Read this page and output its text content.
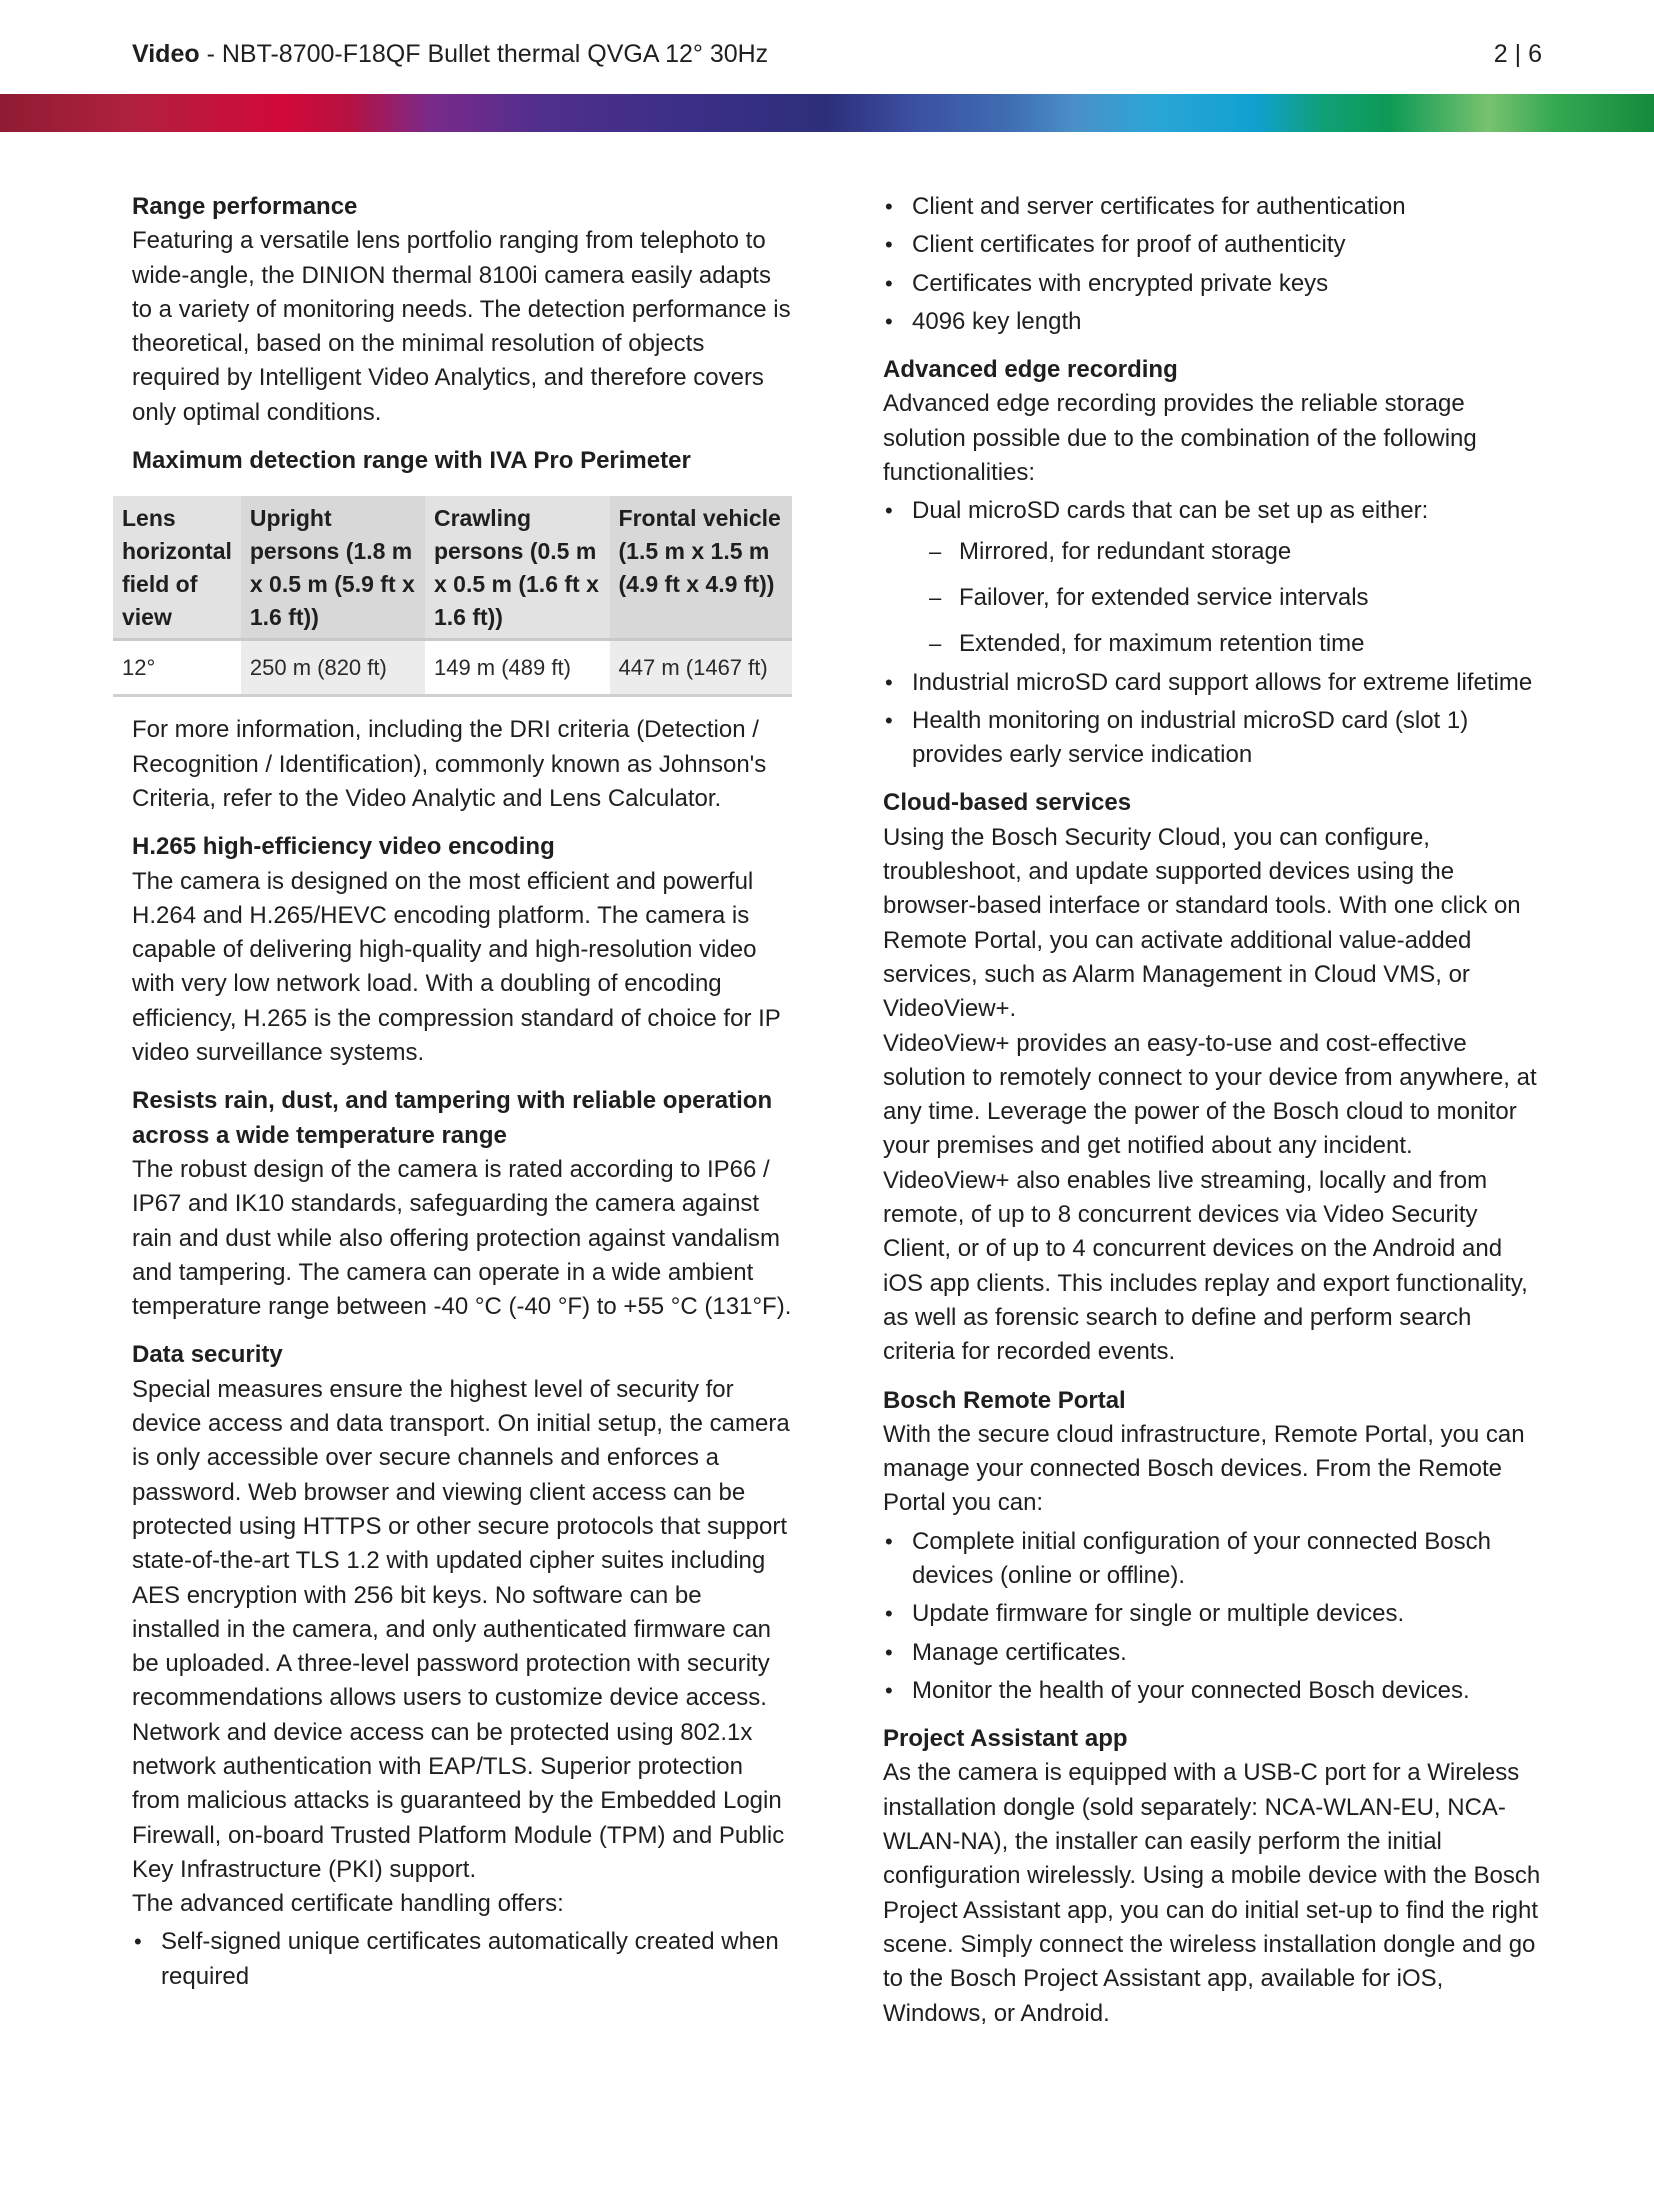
Video - NBT-8700-F18QF Bullet thermal QVGA 12° 30Hz	2 | 6
Range performance

Featuring a versatile lens portfolio ranging from telephoto to wide-angle, the DINION thermal 8100i camera easily adapts to a variety of monitoring needs. The detection performance is theoretical, based on the minimal resolution of objects required by Intelligent Video Analytics, and therefore covers only optimal conditions.

Maximum detection range with IVA Pro Perimeter
Lens horizontal field of view	Upright persons (1.8 m x 0.5 m (5.9 ft x 1.6 ft))	Crawling persons (0.5 m x 0.5 m (1.6 ft x 1.6 ft))	Frontal vehicle (1.5 m x 1.5 m (4.9 ft x 4.9 ft))
12°	250 m (820 ft)	149 m (489 ft)	447 m (1467 ft)

For more information, including the DRI criteria (Detection / Recognition / Identification), commonly known as Johnson's Criteria, refer to the Video Analytic and Lens Calculator.

H.265 high-efficiency video encoding

The camera is designed on the most efficient and powerful H.264 and H.265/HEVC encoding platform. The camera is capable of delivering high-quality and high-resolution video with very low network load. With a doubling of encoding efficiency, H.265 is the compression standard of choice for IP video surveillance systems.

Resists rain, dust, and tampering with reliable operation across a wide temperature range

The robust design of the camera is rated according to IP66 / IP67 and IK10 standards, safeguarding the camera against rain and dust while also offering protection against vandalism and tampering. The camera can operate in a wide ambient temperature range between -40 °C (-40 °F) to +55 °C (131°F).

Data security

Special measures ensure the highest level of security for device access and data transport. On initial setup, the camera is only accessible over secure channels and enforces a password. Web browser and viewing client access can be protected using HTTPS or other secure protocols that support state-of-the-art TLS 1.2 with updated cipher suites including AES encryption with 256 bit keys. No software can be installed in the camera, and only authenticated firmware can be uploaded. A three-level password protection with security recommendations allows users to customize device access.

Network and device access can be protected using 802.1x network authentication with EAP/TLS. Superior protection from malicious attacks is guaranteed by the Embedded Login Firewall, on-board Trusted Platform Module (TPM) and Public Key Infrastructure (PKI) support.

The advanced certificate handling offers:

• Self-signed unique certificates automatically created when required
• Client and server certificates for authentication
• Client certificates for proof of authenticity
• Certificates with encrypted private keys
• 4096 key length
Advanced edge recording

Advanced edge recording provides the reliable storage solution possible due to the combination of the following functionalities:

• Dual microSD cards that can be set up as either:
– Mirrored, for redundant storage
– Failover, for extended service intervals
– Extended, for maximum retention time
• Industrial microSD card support allows for extreme lifetime
• Health monitoring on industrial microSD card (slot 1) provides early service indication
Cloud-based services

Using the Bosch Security Cloud, you can configure, troubleshoot, and update supported devices using the browser-based interface or standard tools. With one click on Remote Portal, you can activate additional value-added services, such as Alarm Management in Cloud VMS, or VideoView+.

VideoView+ provides an easy-to-use and cost-effective solution to remotely connect to your device from anywhere, at any time. Leverage the power of the Bosch cloud to monitor your premises and get notified about any incident. VideoView+ also enables live streaming, locally and from remote, of up to 8 concurrent devices via Video Security Client, or of up to 4 concurrent devices on the Android and iOS app clients. This includes replay and export functionality, as well as forensic search to define and perform search criteria for recorded events.

Bosch Remote Portal

With the secure cloud infrastructure, Remote Portal, you can manage your connected Bosch devices. From the Remote Portal you can:

• Complete initial configuration of your connected Bosch devices (online or offline).
• Update firmware for single or multiple devices.
• Manage certificates.
• Monitor the health of your connected Bosch devices.
Project Assistant app

As the camera is equipped with a USB-C port for a Wireless installation dongle (sold separately: NCA-WLAN-EU, NCA-WLAN-NA), the installer can easily perform the initial configuration wirelessly. Using a mobile device with the Bosch Project Assistant app, you can do initial set-up to find the right scene. Simply connect the wireless installation dongle and go to the Bosch Project Assistant app, available for iOS, Windows, or Android.
